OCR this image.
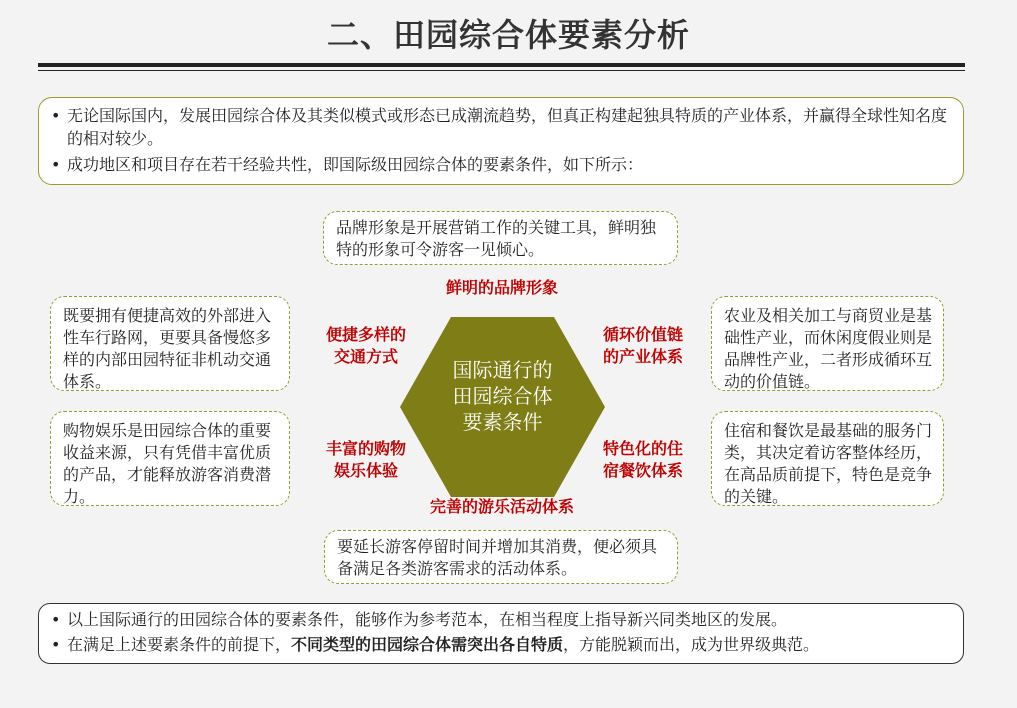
二、田园综合体要素分析
• 无论国际国内，发展田园综合体及其类似模式或形态已成潮流趋势，但真正构建起独具特质的产业体系，并赢得全球性知名度的相对较少。
• 成功地区和项目存在若干经验共性，即国际级田园综合体的要素条件，如下所示：
品牌形象是开展营销工作的关键工具，鲜明独特的形象可令游客一见倾心。
既要拥有便捷高效的外部进入性车行路网，更要具备慢悠多样的内部田园特征非机动交通体系。
农业及相关加工与商贸业是基础性产业，而休闲度假业则是品牌性产业，二者形成循环互动的价值链。
购物娱乐是田园综合体的重要收益来源，只有凭借丰富优质的产品，才能释放游客消费潜力。
住宿和餐饮是最基础的服务门类，其决定着访客整体经历，在高品质前提下，特色是竞争的关键。
要延长游客停留时间并增加其消费，便必须具备满足各类游客需求的活动体系。
鲜明的品牌形象
便捷多样的
交通方式
循环价值链
的产业体系
丰富的购物
娱乐体验
特色化的住
宿餐饮体系
完善的游乐活动体系
国际通行的
田园综合体
要素条件
• 以上国际通行的田园综合体的要素条件，能够作为参考范本，在相当程度上指导新兴同类地区的发展。
• 在满足上述要素条件的前提下，不同类型的田园综合体需突出各自特质，方能脱颖而出，成为世界级典范。
